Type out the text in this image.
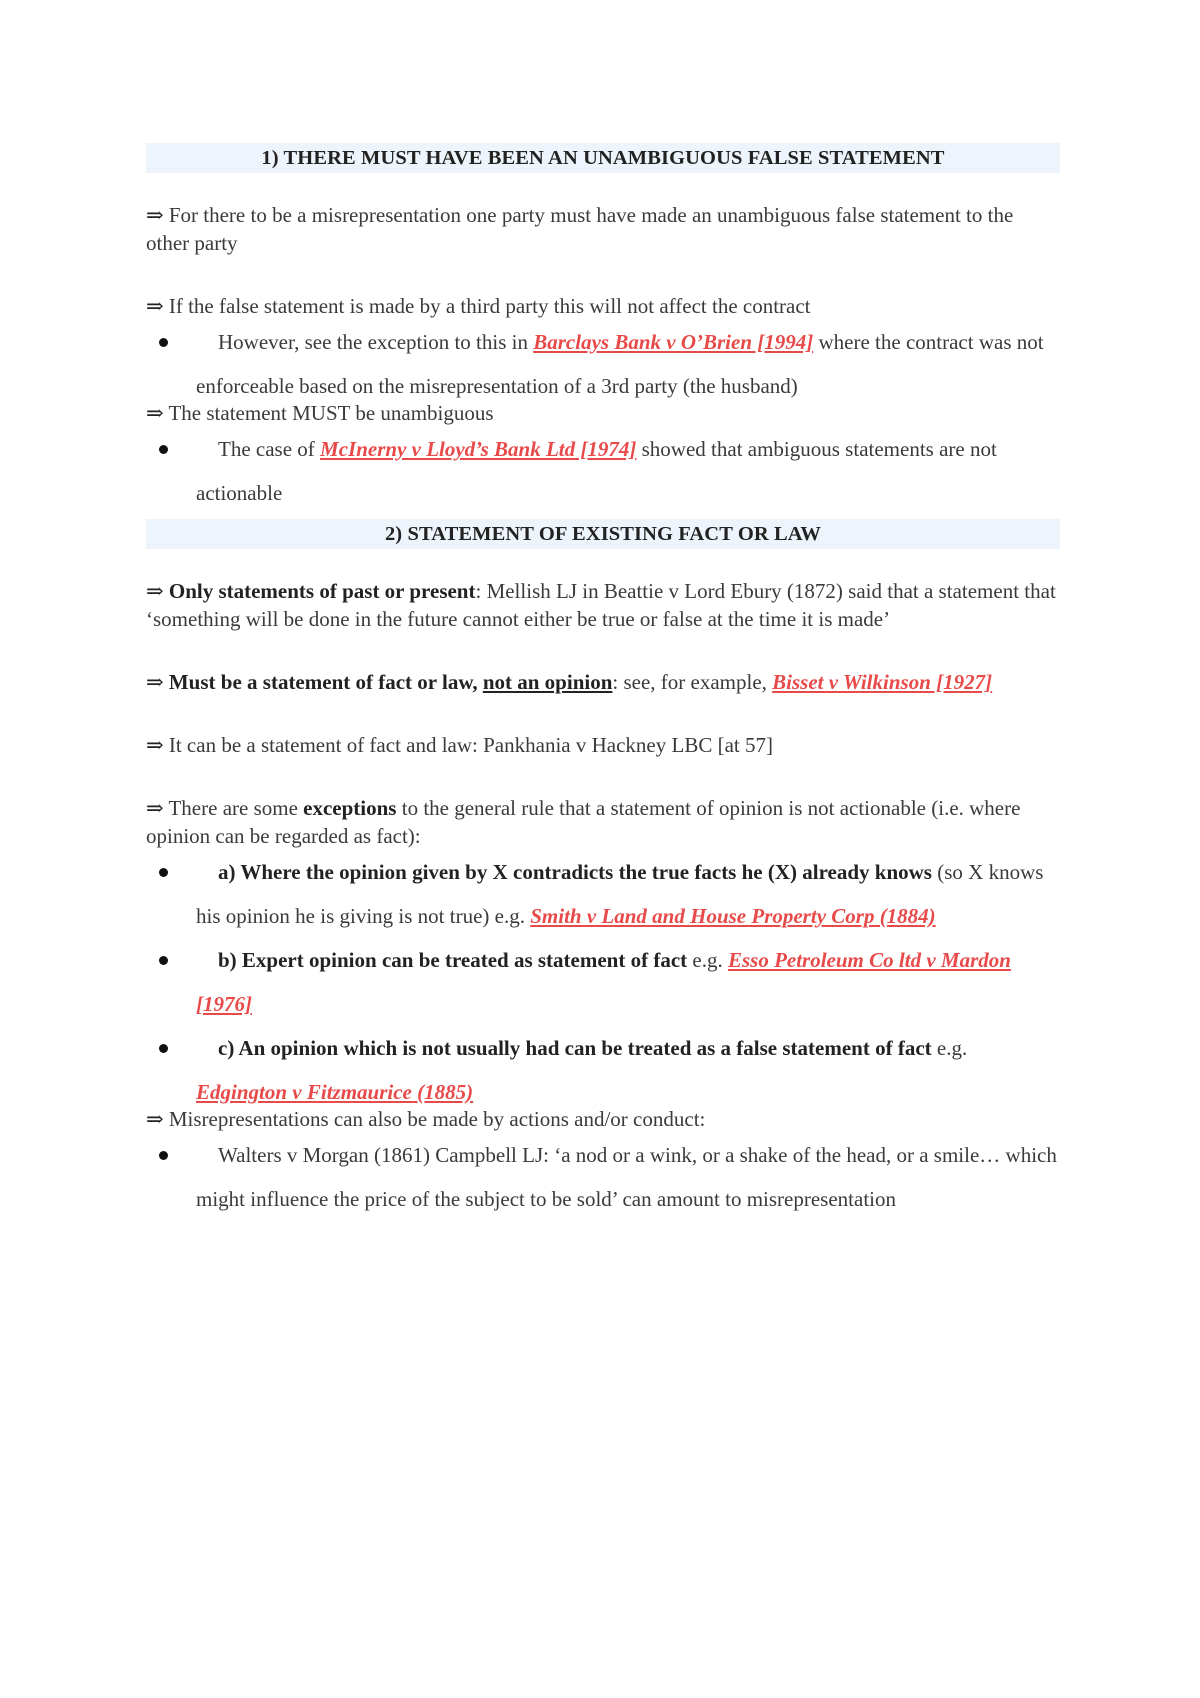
1) THERE MUST HAVE BEEN AN UNAMBIGUOUS FALSE STATEMENT

⇒ For there to be a misrepresentation one party must have made an unambiguous false statement to the other party

⇒ If the false statement is made by a third party this will not affect the contract

However, see the exception to this in Barclays Bank v O’Brien [1994] where the contract was not enforceable based on the misrepresentation of a 3rd party (the husband)

⇒ The statement MUST be unambiguous

The case of McInerny v Lloyd’s Bank Ltd [1974] showed that ambiguous statements are not actionable

2) STATEMENT OF EXISTING FACT OR LAW

⇒ Only statements of past or present: Mellish LJ in Beattie v Lord Ebury (1872) said that a statement that ‘something will be done in the future cannot either be true or false at the time it is made’

⇒ Must be a statement of fact or law, not an opinion: see, for example, Bisset v Wilkinson [1927]

⇒ It can be a statement of fact and law: Pankhania v Hackney LBC [at 57]

⇒ There are some exceptions to the general rule that a statement of opinion is not actionable (i.e. where opinion can be regarded as fact):

a) Where the opinion given by X contradicts the true facts he (X) already knows (so X knows his opinion he is giving is not true) e.g. Smith v Land and House Property Corp (1884)

b) Expert opinion can be treated as statement of fact e.g. Esso Petroleum Co ltd v Mardon [1976]

c) An opinion which is not usually had can be treated as a false statement of fact e.g. Edgington v Fitzmaurice (1885)

⇒ Misrepresentations can also be made by actions and/or conduct:

Walters v Morgan (1861) Campbell LJ: ‘a nod or a wink, or a shake of the head, or a smile… which might influence the price of the subject to be sold’ can amount to misrepresentation
